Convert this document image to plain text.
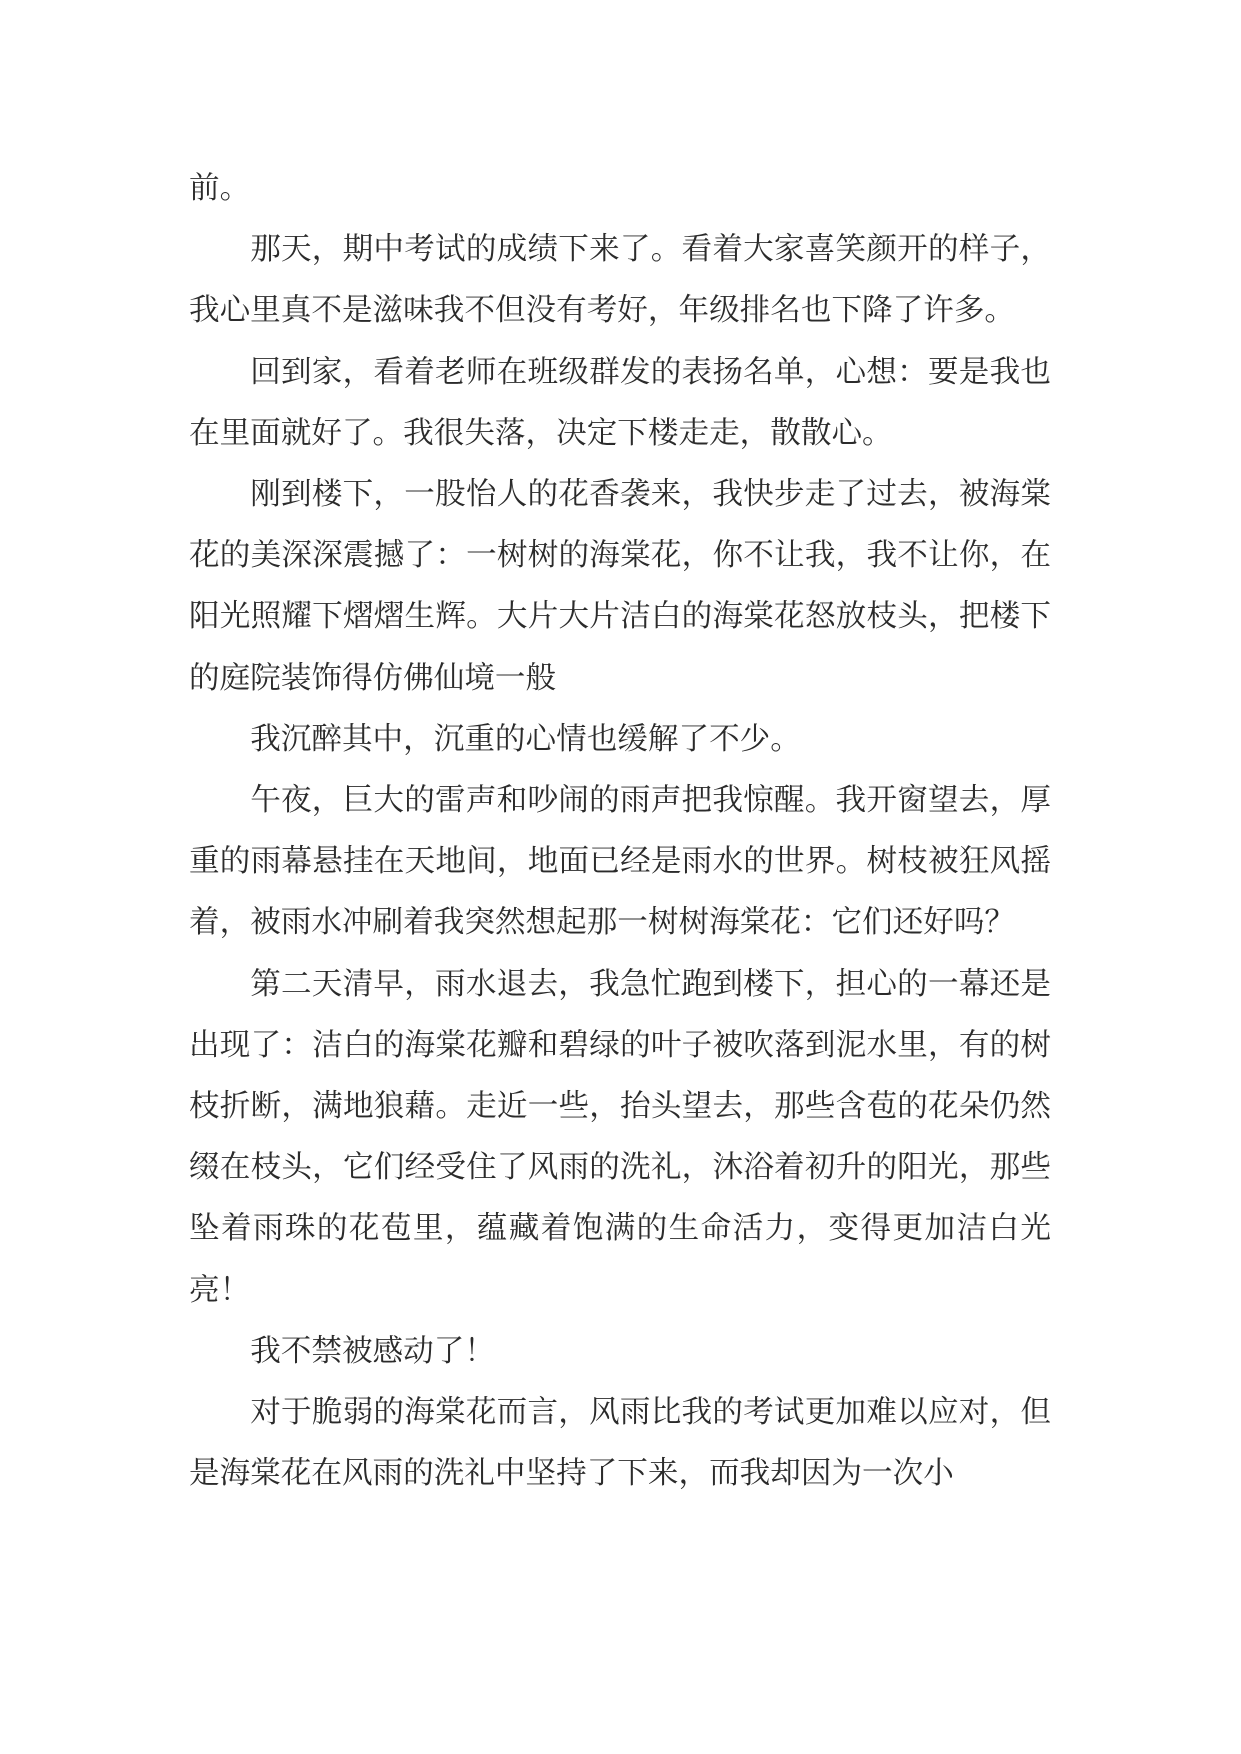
前。

那天，期中考试的成绩下来了。看着大家喜笑颜开的样子，我心里真不是滋味我不但没有考好，年级排名也下降了许多。

回到家，看着老师在班级群发的表扬名单，心想：要是我也在里面就好了。我很失落，决定下楼走走，散散心。

刚到楼下，一股怡人的花香袭来，我快步走了过去，被海棠花的美深深震撼了：一树树的海棠花，你不让我，我不让你，在阳光照耀下熠熠生辉。大片大片洁白的海棠花怒放枝头，把楼下的庭院装饰得仿佛仙境一般

我沉醉其中，沉重的心情也缓解了不少。

午夜，巨大的雷声和吵闹的雨声把我惊醒。我开窗望去，厚重的雨幕悬挂在天地间，地面已经是雨水的世界。树枝被狂风摇着，被雨水冲刷着我突然想起那一树树海棠花：它们还好吗？

第二天清早，雨水退去，我急忙跑到楼下，担心的一幕还是出现了：洁白的海棠花瓣和碧绿的叶子被吹落到泥水里，有的树枝折断，满地狼藉。走近一些，抬头望去，那些含苞的花朵仍然缀在枝头，它们经受住了风雨的洗礼，沐浴着初升的阳光，那些坠着雨珠的花苞里，蕴藏着饱满的生命活力，变得更加洁白光亮！

我不禁被感动了！

对于脆弱的海棠花而言，风雨比我的考试更加难以应对，但是海棠花在风雨的洗礼中坚持了下来，而我却因为一次小
